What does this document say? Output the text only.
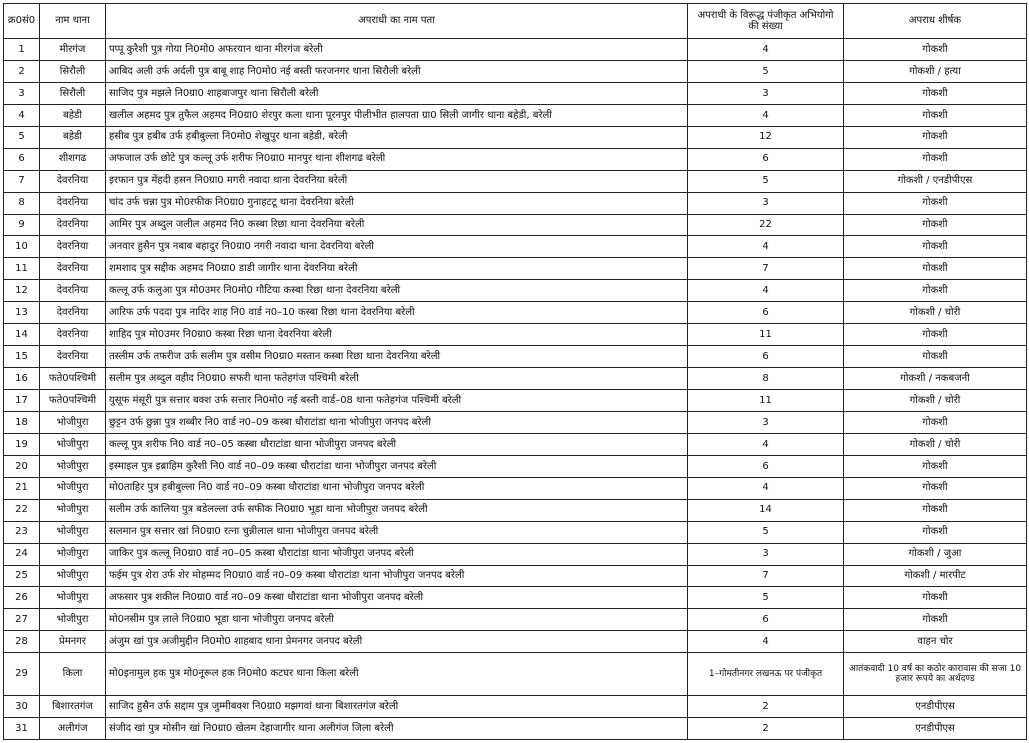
क्र0सं0	नाम थाना	अपराधी का नाम पता	अपराधी के विरूद्ध पंजीकृत अभियोगो की संख्या	अपराध शीर्षक
1	मीरगंज	पप्पू कुरैशी पुत्र गोया नि0मो0 अफरयान थाना मीरगंज बरेली	4	गोकशी
2	सिरौली	आबिद अली उर्फ अर्दली पुत्र बाबू शाह नि0मो0 नई बस्ती फरजनगर थाना सिरौली बरेली	5	गोकशी / हत्या
3	सिरौली	साजिद पुत्र मझले नि0ग्रा0 शाहबाजपुर थाना सिरौली बरेली	3	गोकशी
4	बहेडी	खलील अहमद पुत्र तुफैल अहमद नि0ग्रा0 शेरपुर कला थाना पूरनपुर पीलीभीत हालपता ग्रा0 सिली जागीर थाना बहेडी, बरेली	4	गोकशी
5	बहेडी	हसीब पुत्र हबीब उर्फ हबीबुल्ला नि0मो0 शेखुपुर थाना बहेडी, बरेली	12	गोकशी
6	शीशगढ	अफजाल उर्फ छोटे पुत्र कल्लू उर्फ शरीफ नि0ग्रा0 मानपुर थाना शीशगढ बरेली	6	गोकशी
7	देवरनिया	इरफान पुत्र मेंहदी हसन नि0ग्रा0 मगरी नवादा थाना देवरनिया बरेली	5	गोकशी / एनडीपीएस
8	देवरनिया	चांद उर्फ चन्ना पुत्र मो0रफीक नि0ग्रा0 गुनाहटटू थाना देवरनिया बरेली	3	गोकशी
9	देवरनिया	आमिर पुत्र अब्दुल जलील अहमद नि0 कस्बा रिछा थाना देवरनिया बरेली	22	गोकशी
10	देवरनिया	अनवार हुसैन पुत्र नबाब बहादुर नि0ग्रा0 नगरी नवादा थाना देवरनिया बरेली	4	गोकशी
11	देवरनिया	शमशाद पुत्र सद्दीक अहमद नि0ग्रा0 डाडी जागीर थाना देवरनिया बरेली	7	गोकशी
12	देवरनिया	कल्लू उर्फ कलुआ पुत्र मो0उमर नि0मो0 गौटिया कस्बा रिछा थाना देवरनिया बरेली	4	गोकशी
13	देवरनिया	आरिफ उर्फ पददा पुत्र नादिर शाह नि0 वार्ड न0–10 कस्बा रिछा थाना देवरनिया बरेली	6	गोकशी / चोरी
14	देवरनिया	शाहिद पुत्र मो0उमर नि0ग्रा0 कस्बा रिछा थाना देवरनिया बरेली	11	गोकशी
15	देवरनिया	तस्लीम उर्फ तफरीज उर्फ सलीम पुत्र वसीम नि0ग्रा0 मस्तान कस्बा रिछा थाना देवरनिया बरेली	6	गोकशी
16	फते0पश्चिमी	सलीम पुत्र अब्दुल वहीद नि0ग्रा0 सफरी थाना फतेहगंज पश्चिमी बरेली	8	गोकशी / नकबजनी
17	फते0पश्चिमी	युसूफ मंसूरी पुत्र सत्तार बक्श उर्फ सत्तार नि0मो0 नई बस्ती वार्ड–08 थाना फतेहगंज पश्चिमी बरेली	11	गोकशी / चोरी
18	भोजीपुरा	छुट्टन उर्फ छुन्ना पुत्र शब्बीर नि0 वार्ड न0–09 कस्बा धौराटांडा थाना भोजीपुरा जनपद बरेली	3	गोकशी
19	भोजीपुरा	कल्लू पुत्र शरीफ नि0 वार्ड न0–05 कस्बा धौराटांडा थाना भोजीपुरा जनपद बरेली	4	गोकशी / चोरी
20	भोजीपुरा	इस्माइल पुत्र इब्राहिम कुरैशी नि0 वार्ड न0–09 कस्बा धौराटांडा थाना भोजीपुरा जनपद बरेली	6	गोकशी
21	भोजीपुरा	मो0ताहिर पुत्र हबीबुल्ला नि0 वार्ड न0–09 कस्बा धौराटांडा थाना भोजीपुरा जनपद बरेली	4	गोकशी
22	भोजीपुरा	सलीम उर्फ कालिया पुत्र बडेलल्ला उर्फ सफीक नि0ग्रा0 भूडा थाना भोजीपुरा जनपद बरेली	14	गोकशी
23	भोजीपुरा	सलमान पुत्र सत्तार खां नि0ग्रा0 रत्ना चुन्नीलाल थाना भोजीपुरा जनपद बरेली	5	गोकशी
24	भोजीपुरा	जाकिर पुत्र कल्लू नि0ग्रा0 वार्ड न0–05 कस्बा धौराटांडा थाना भोजीपुरा जनपद बरेली	3	गोकशी / जुआ
25	भोजीपुरा	फईम पुत्र शेरा उर्फ शेर मोहम्मद नि0ग्रा0 वार्ड न0–09 कस्बा धौराटांडा थाना भोजीपुरा जनपद बरेली	7	गोकशी / मारपीट
26	भोजीपुरा	अफसार पुत्र शकील नि0ग्रा0 वार्ड न0–09 कस्बा धौराटांडा थाना भोजीपुरा जनपद बरेली	5	गोकशी
27	भोजीपुरा	मो0नसीम पुत्र लाले नि0ग्रा0 भूडा थाना भोजीपुरा जनपद बरेली	6	गोकशी
28	प्रेमनगर	अंजुम खां पुत्र अजीमुद्दीन नि0मो0 शाहबाद थाना प्रेमनगर जनपद बरेली	4	वाहन चोर
29	किला	मो0इनामुल हक पुत्र मो0नूरूल हक नि0मो0 कटघर थाना किला बरेली	1–गोमतीनगर लखनऊ पर पंजीकृत	आतंकवादी 10 वर्ष का कठोर कारावास की सजा 10 हजार रूपये का अर्थदण्ड
30	बिशारतगंज	साजिद हुसैन उर्फ सद्दाम पुत्र जुम्मीबक्श नि0ग्रा0 मझगवां थाना बिशारतगंज बरेली	2	एनडीपीएस
31	अलीगंज	संजीद खां पुत्र मोसीन खां नि0ग्रा0 खेलम देहाजागीर थाना अलीगंज जिला बरेली	2	एनडीपीएस
